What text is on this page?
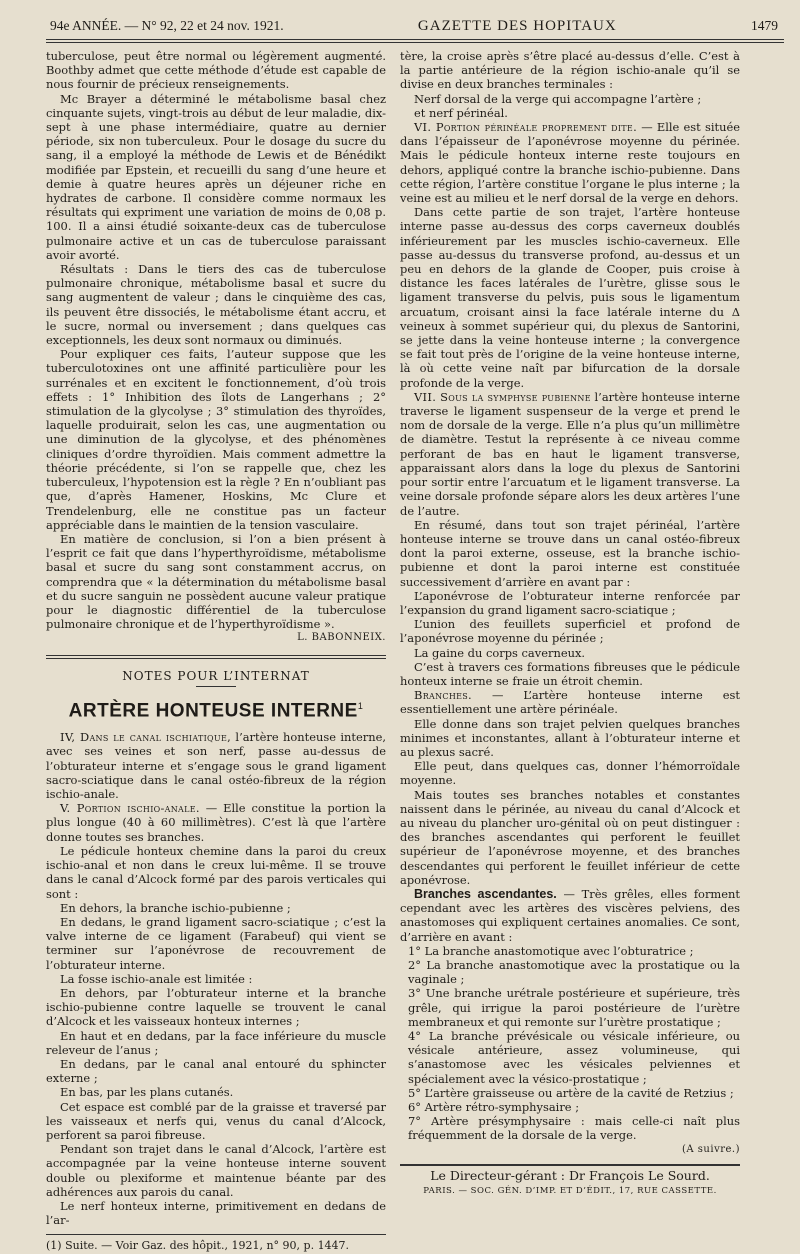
94e ANNÉE. — N° 92, 22 et 24 nov. 1921.	GAZETTE DES HOPITAUX	1479

tuberculose, peut être normal ou légèrement augmenté. Boothby admet que cette méthode d’étude est capable de nous fournir de précieux renseignements.

Mc Brayer a déterminé le métabolisme basal chez cinquante sujets, vingt-trois au début de leur maladie, dix-sept à une phase intermédiaire, quatre au dernier période, six non tuberculeux. Pour le dosage du sucre du sang, il a employé la méthode de Lewis et de Bénédikt modifiée par Epstein, et recueilli du sang d’une heure et demie à quatre heures après un déjeuner riche en hydrates de carbone. Il considère comme normaux les résultats qui expriment une variation de moins de 0,08 p. 100. Il a ainsi étudié soixante-deux cas de tuberculose pulmonaire active et un cas de tuberculose paraissant avoir avorté.

Résultats : Dans le tiers des cas de tuberculose pulmonaire chronique, métabolisme basal et sucre du sang augmentent de valeur ; dans le cinquième des cas, ils peuvent être dissociés, le métabolisme étant accru, et le sucre, normal ou inversement ; dans quelques cas exceptionnels, les deux sont normaux ou diminués.

Pour expliquer ces faits, l’auteur suppose que les tuberculotoxines ont une affinité particulière pour les surrénales et en excitent le fonctionnement, d’où trois effets : 1° Inhibition des îlots de Langerhans ; 2° stimulation de la glycolyse ; 3° stimulation des thyroïdes, laquelle produirait, selon les cas, une augmentation ou une diminution de la glycolyse, et des phénomènes cliniques d’ordre thyroïdien. Mais comment admettre la théorie précédente, si l’on se rappelle que, chez les tuberculeux, l’hypotension est la règle ? En n’oubliant pas que, d’après Hamener, Hoskins, Mc Clure et Trendelenburg, elle ne constitue pas un facteur appréciable dans le maintien de la tension vasculaire.

En matière de conclusion, si l’on a bien présent à l’esprit ce fait que dans l’hyperthyroïdisme, métabolisme basal et sucre du sang sont constamment accrus, on comprendra que « la détermination du métabolisme basal et du sucre sanguin ne possèdent aucune valeur pratique pour le diagnostic différentiel de la tuberculose pulmonaire chronique et de l’hyperthyroïdisme ».

L. BABONNEIX.
NOTES POUR L’INTERNAT
ARTÈRE HONTEUSE INTERNE$^1$

IV, Dans le canal ischiatique, l’artère honteuse interne, avec ses veines et son nerf, passe au-dessus de l’obturateur interne et s’engage sous le grand ligament sacro-sciatique dans le canal ostéo-fibreux de la région ischio-anale.

V. Portion ischio-anale. — Elle constitue la portion la plus longue (40 à 60 millimètres). C’est là que l’artère donne toutes ses branches.

Le pédicule honteux chemine dans la paroi du creux ischio-anal et non dans le creux lui-même. Il se trouve dans le canal d’Alcock formé par des parois verticales qui sont :

En dehors, la branche ischio-pubienne ;

En dedans, le grand ligament sacro-sciatique ; c’est la valve interne de ce ligament (Farabeuf) qui vient se terminer sur l’aponévrose de recouvrement de l’obturateur interne.

La fosse ischio-anale est limitée :

En dehors, par l’obturateur interne et la branche ischio-pubienne contre laquelle se trouvent le canal d’Alcock et les vaisseaux honteux internes ;

En haut et en dedans, par la face inférieure du muscle releveur de l’anus ;

En dedans, par le canal anal entouré du sphincter externe ;

En bas, par les plans cutanés.

Cet espace est comblé par de la graisse et traversé par les vaisseaux et nerfs qui, venus du canal d’Alcock, perforent sa paroi fibreuse.

Pendant son trajet dans le canal d’Alcock, l’artère est accompagnée par la veine honteuse interne souvent double ou plexiforme et maintenue béante par des adhérences aux parois du canal.

Le nerf honteux interne, primitivement en dedans de l’ar-

(1) Suite. — Voir Gaz. des hôpit., 1921, n° 90, p. 1447.

tère, la croise après s’être placé au-dessus d’elle. C’est à la partie antérieure de la région ischio-anale qu’il se divise en deux branches terminales :

Nerf dorsal de la verge qui accompagne l’artère ;

et nerf périnéal.

VI. Portion périnéale proprement dite. — Elle est située dans l’épaisseur de l’aponévrose moyenne du périnée. Mais le pédicule honteux interne reste toujours en dehors, appliqué contre la branche ischio-pubienne. Dans cette région, l’artère constitue l’organe le plus interne ; la veine est au milieu et le nerf dorsal de la verge en dehors.

Dans cette partie de son trajet, l’artère honteuse interne passe au-dessus des corps caverneux doublés inférieurement par les muscles ischio-caverneux. Elle passe au-dessus du transverse profond, au-dessus et un peu en dehors de la glande de Cooper, puis croise à distance les faces latérales de l’urètre, glisse sous le ligament transverse du pelvis, puis sous le ligamentum arcuatum, croisant ainsi la face latérale interne du Δ veineux à sommet supérieur qui, du plexus de Santorini, se jette dans la veine honteuse interne ; la convergence se fait tout près de l’origine de la veine honteuse interne, là où cette veine naît par bifurcation de la dorsale profonde de la verge.

VII. Sous la symphyse pubienne l’artère honteuse interne traverse le ligament suspenseur de la verge et prend le nom de dorsale de la verge. Elle n’a plus qu’un millimètre de diamètre. Testut la représente à ce niveau comme perforant de bas en haut le ligament transverse, apparaissant alors dans la loge du plexus de Santorini pour sortir entre l’arcuatum et le ligament transverse. La veine dorsale profonde sépare alors les deux artères l’une de l’autre.

En résumé, dans tout son trajet périnéal, l’artère honteuse interne se trouve dans un canal ostéo-fibreux dont la paroi externe, osseuse, est la branche ischio-pubienne et dont la paroi interne est constituée successivement d’arrière en avant par :

L’aponévrose de l’obturateur interne renforcée par l’expansion du grand ligament sacro-sciatique ;

L’union des feuillets superficiel et profond de l’aponévrose moyenne du périnée ;

La gaine du corps caverneux.

C’est à travers ces formations fibreuses que le pédicule honteux interne se fraie un étroit chemin.

Branches. — L’artère honteuse interne est essentiellement une artère périnéale.

Elle donne dans son trajet pelvien quelques branches minimes et inconstantes, allant à l’obturateur interne et au plexus sacré.

Elle peut, dans quelques cas, donner l’hémorroïdale moyenne.

Mais toutes ses branches notables et constantes naissent dans le périnée, au niveau du canal d’Alcock et au niveau du plancher uro-génital où on peut distinguer : des branches ascendantes qui perforent le feuillet supérieur de l’aponévrose moyenne, et des branches descendantes qui perforent le feuillet inférieur de cette aponévrose.

Branches ascendantes. — Très grêles, elles forment cependant avec les artères des viscères pelviens, des anastomoses qui expliquent certaines anomalies. Ce sont, d’arrière en avant :

1° La branche anastomotique avec l’obturatrice ;

2° La branche anastomotique avec la prostatique ou la vaginale ;

3° Une branche urétrale postérieure et supérieure, très grêle, qui irrigue la paroi postérieure de l’urètre membraneux et qui remonte sur l’urètre prostatique ;

4° La branche prévésicale ou vésicale inférieure, ou vésicale antérieure, assez volumineuse, qui s’anastomose avec les vésicales pelviennes et spécialement avec la vésico-prostatique ;

5° L’artère graisseuse ou artère de la cavité de Retzius ;

6° Artère rétro-symphysaire ;

7° Artère présymphysaire : mais celle-ci naît plus fréquemment de la dorsale de la verge.

(A suivre.)
Le Directeur-gérant : Dr François Le Sourd.
PARIS. — SOC. GÉN. D’IMP. ET D’ÉDIT., 17, RUE CASSETTE.
